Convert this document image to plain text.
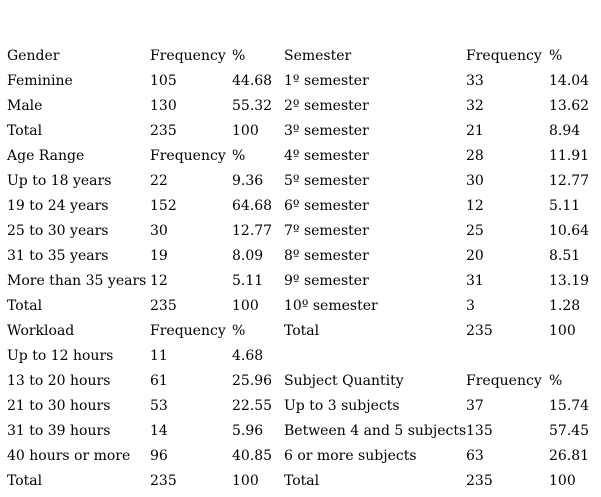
Gender	Frequency %
Feminine	105	44.68
Male	130	55.32
Total	235	100
Age Range	Frequency %
Up to 18 years	22	9.36
19 to 24 years	152	64.68
25 to 30 years	30	12.77
31 to 35 years	19	8.09
More than 35 years 12	5.11
Total	235	100
Workload	Frequency %
Up to 12 hours	11	4.68
13 to 20 hours	61	25.96
21 to 30 hours	53	22.55
31 to 39 hours	14	5.96
40 hours or more 96	40.85
Total	235	100
Semester	Frequency %
1º semester	33	14.04
2º semester	32	13.62
3º semester	21	8.94
4º semester	28	11.91
5º semester	30	12.77
6º semester	12	5.11
7º semester	25	10.64
8º semester	20	8.51
9º semester	31	13.19
10º semester	3	1.28
Total	235	100
Subject Quantity	Frequency %
Up to 3 subjects	37	15.74
Between 4 and 5 subjects 135	57.45
6 or more subjects	63	26.81
Total	235	100
